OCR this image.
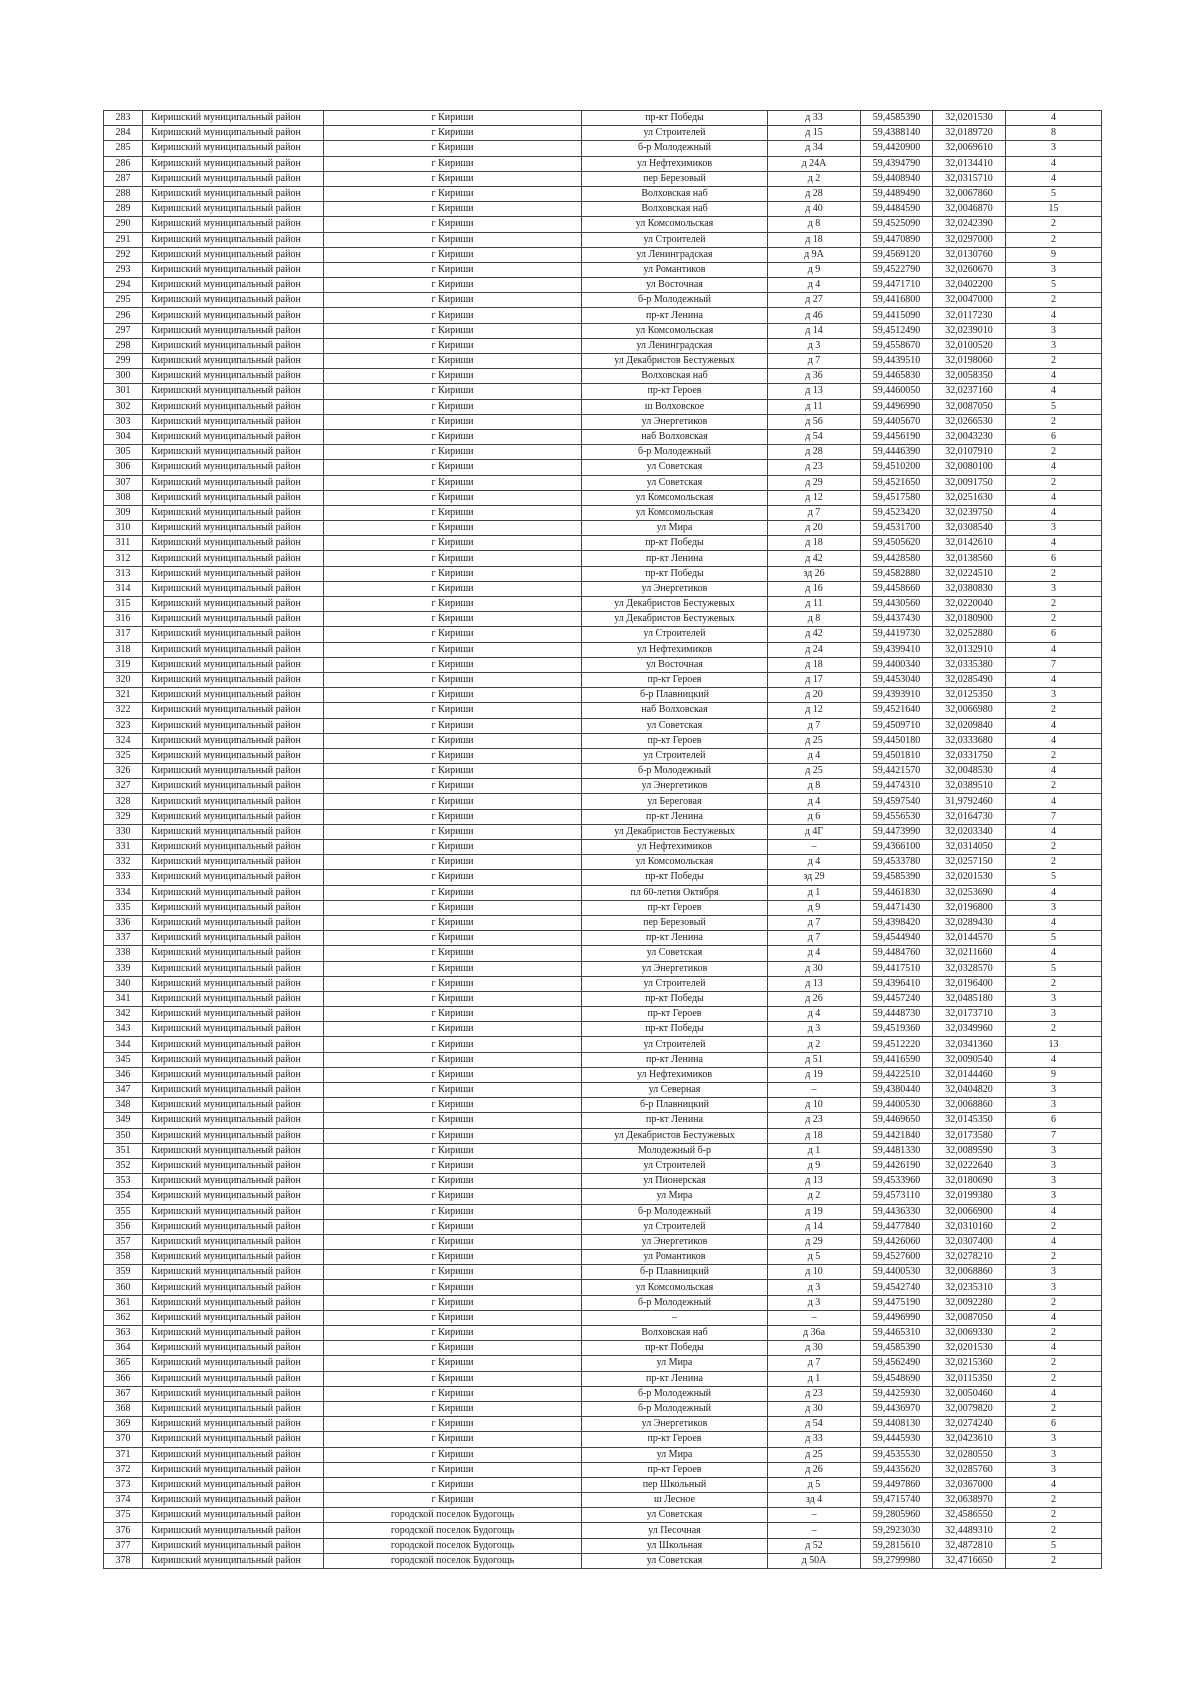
283	Киришский муниципальный район	г Кириши	пр-кт Победы	д 33	59,4585390	32,0201530	4
284	Киришский муниципальный район	г Кириши	ул Строителей	д 15	59,4388140	32,0189720	8
285	Киришский муниципальный район	г Кириши	б-р Молодежный	д 34	59,4420900	32,0069610	3
286	Киришский муниципальный район	г Кириши	ул Нефтехимиков	д 24А	59,4394790	32,0134410	4
287	Киришский муниципальный район	г Кириши	пер Березовый	д 2	59,4408940	32,0315710	4
288	Киришский муниципальный район	г Кириши	Волховская наб	д 28	59,4489490	32,0067860	5
289	Киришский муниципальный район	г Кириши	Волховская наб	д 40	59,4484590	32,0046870	15
290	Киришский муниципальный район	г Кириши	ул Комсомольская	д 8	59,4525090	32,0242390	2
291	Киришский муниципальный район	г Кириши	ул Строителей	д 18	59,4470890	32,0297000	2
292	Киришский муниципальный район	г Кириши	ул Ленинградская	д 9А	59,4569120	32,0130760	9
293	Киришский муниципальный район	г Кириши	ул Романтиков	д 9	59,4522790	32,0260670	3
294	Киришский муниципальный район	г Кириши	ул Восточная	д 4	59,4471710	32,0402200	5
295	Киришский муниципальный район	г Кириши	б-р Молодежный	д 27	59,4416800	32,0047000	2
296	Киришский муниципальный район	г Кириши	пр-кт Ленина	д 46	59,4415090	32,0117230	4
297	Киришский муниципальный район	г Кириши	ул Комсомольская	д 14	59,4512490	32,0239010	3
298	Киришский муниципальный район	г Кириши	ул Ленинградская	д 3	59,4558670	32,0100520	3
299	Киришский муниципальный район	г Кириши	ул Декабристов Бестужевых	д 7	59,4439510	32,0198060	2
300	Киришский муниципальный район	г Кириши	Волховская наб	д 36	59,4465830	32,0058350	4
301	Киришский муниципальный район	г Кириши	пр-кт Героев	д 13	59,4460050	32,0237160	4
302	Киришский муниципальный район	г Кириши	ш Волховское	д 11	59,4496990	32,0087050	5
303	Киришский муниципальный район	г Кириши	ул Энергетиков	д 56	59,4405670	32,0266530	2
304	Киришский муниципальный район	г Кириши	наб Волховская	д 54	59,4456190	32,0043230	6
305	Киришский муниципальный район	г Кириши	б-р Молодежный	д 28	59,4446390	32,0107910	2
306	Киришский муниципальный район	г Кириши	ул Советская	д 23	59,4510200	32,0080100	4
307	Киришский муниципальный район	г Кириши	ул Советская	д 29	59,4521650	32,0091750	2
308	Киришский муниципальный район	г Кириши	ул Комсомольская	д 12	59,4517580	32,0251630	4
309	Киришский муниципальный район	г Кириши	ул Комсомольская	д 7	59,4523420	32,0239750	4
310	Киришский муниципальный район	г Кириши	ул Мира	д 20	59,4531700	32,0308540	3
311	Киришский муниципальный район	г Кириши	пр-кт Победы	д 18	59,4505620	32,0142610	4
312	Киришский муниципальный район	г Кириши	пр-кт Ленина	д 42	59,4428580	32,0138560	6
313	Киришский муниципальный район	г Кириши	пр-кт Победы	зд 26	59,4582880	32,0224510	2
314	Киришский муниципальный район	г Кириши	ул Энергетиков	д 16	59,4458660	32,0380830	3
315	Киришский муниципальный район	г Кириши	ул Декабристов Бестужевых	д 11	59,4430560	32,0220040	2
316	Киришский муниципальный район	г Кириши	ул Декабристов Бестужевых	д 8	59,4437430	32,0180900	2
317	Киришский муниципальный район	г Кириши	ул Строителей	д 42	59,4419730	32,0252880	6
318	Киришский муниципальный район	г Кириши	ул Нефтехимиков	д 24	59,4399410	32,0132910	4
319	Киришский муниципальный район	г Кириши	ул Восточная	д 18	59,4400340	32,0335380	7
320	Киришский муниципальный район	г Кириши	пр-кт Героев	д 17	59,4453040	32,0285490	4
321	Киришский муниципальный район	г Кириши	б-р Плавницкий	д 20	59,4393910	32,0125350	3
322	Киришский муниципальный район	г Кириши	наб Волховская	д 12	59,4521640	32,0066980	2
323	Киришский муниципальный район	г Кириши	ул Советская	д 7	59,4509710	32,0209840	4
324	Киришский муниципальный район	г Кириши	пр-кт Героев	д 25	59,4450180	32,0333680	4
325	Киришский муниципальный район	г Кириши	ул Строителей	д 4	59,4501810	32,0331750	2
326	Киришский муниципальный район	г Кириши	б-р Молодежный	д 25	59,4421570	32,0048530	4
327	Киришский муниципальный район	г Кириши	ул Энергетиков	д 8	59,4474310	32,0389510	2
328	Киришский муниципальный район	г Кириши	ул Береговая	д 4	59,4597540	31,9792460	4
329	Киришский муниципальный район	г Кириши	пр-кт Ленина	д 6	59,4556530	32,0164730	7
330	Киришский муниципальный район	г Кириши	ул Декабристов Бестужевых	д 4Г	59,4473990	32,0203340	4
331	Киришский муниципальный район	г Кириши	ул Нефтехимиков	–	59,4366100	32,0314050	2
332	Киришский муниципальный район	г Кириши	ул Комсомольская	д 4	59,4533780	32,0257150	2
333	Киришский муниципальный район	г Кириши	пр-кт Победы	зд 29	59,4585390	32,0201530	5
334	Киришский муниципальный район	г Кириши	пл 60-летия Октября	д 1	59,4461830	32,0253690	4
335	Киришский муниципальный район	г Кириши	пр-кт Героев	д 9	59,4471430	32,0196800	3
336	Киришский муниципальный район	г Кириши	пер Березовый	д 7	59,4398420	32,0289430	4
337	Киришский муниципальный район	г Кириши	пр-кт Ленина	д 7	59,4544940	32,0144570	5
338	Киришский муниципальный район	г Кириши	ул Советская	д 4	59,4484760	32,0211660	4
339	Киришский муниципальный район	г Кириши	ул Энергетиков	д 30	59,4417510	32,0328570	5
340	Киришский муниципальный район	г Кириши	ул Строителей	д 13	59,4396410	32,0196400	2
341	Киришский муниципальный район	г Кириши	пр-кт Победы	д 26	59,4457240	32,0485180	3
342	Киришский муниципальный район	г Кириши	пр-кт Героев	д 4	59,4448730	32,0173710	3
343	Киришский муниципальный район	г Кириши	пр-кт Победы	д 3	59,4519360	32,0349960	2
344	Киришский муниципальный район	г Кириши	ул Строителей	д 2	59,4512220	32,0341360	13
345	Киришский муниципальный район	г Кириши	пр-кт Ленина	д 51	59,4416590	32,0090540	4
346	Киришский муниципальный район	г Кириши	ул Нефтехимиков	д 19	59,4422510	32,0144460	9
347	Киришский муниципальный район	г Кириши	ул Северная	–	59,4380440	32,0404820	3
348	Киришский муниципальный район	г Кириши	б-р Плавницкий	д 10	59,4400530	32,0068860	3
349	Киришский муниципальный район	г Кириши	пр-кт Ленина	д 23	59,4469650	32,0145350	6
350	Киришский муниципальный район	г Кириши	ул Декабристов Бестужевых	д 18	59,4421840	32,0173580	7
351	Киришский муниципальный район	г Кириши	Молодежный б-р	д 1	59,4481330	32,0089590	3
352	Киришский муниципальный район	г Кириши	ул Строителей	д 9	59,4426190	32,0222640	3
353	Киришский муниципальный район	г Кириши	ул Пионерская	д 13	59,4533960	32,0180690	3
354	Киришский муниципальный район	г Кириши	ул Мира	д 2	59,4573110	32,0199380	3
355	Киришский муниципальный район	г Кириши	б-р Молодежный	д 19	59,4436330	32,0066900	4
356	Киришский муниципальный район	г Кириши	ул Строителей	д 14	59,4477840	32,0310160	2
357	Киришский муниципальный район	г Кириши	ул Энергетиков	д 29	59,4426060	32,0307400	4
358	Киришский муниципальный район	г Кириши	ул Романтиков	д 5	59,4527600	32,0278210	2
359	Киришский муниципальный район	г Кириши	б-р Плавницкий	д 10	59,4400530	32,0068860	3
360	Киришский муниципальный район	г Кириши	ул Комсомольская	д 3	59,4542740	32,0235310	3
361	Киришский муниципальный район	г Кириши	б-р Молодежный	д 3	59,4475190	32,0092280	2
362	Киришский муниципальный район	г Кириши	–	–	59,4496990	32,0087050	4
363	Киришский муниципальный район	г Кириши	Волховская наб	д 36а	59,4465310	32,0069330	2
364	Киришский муниципальный район	г Кириши	пр-кт Победы	д 30	59,4585390	32,0201530	4
365	Киришский муниципальный район	г Кириши	ул Мира	д 7	59,4562490	32,0215360	2
366	Киришский муниципальный район	г Кириши	пр-кт Ленина	д 1	59,4548690	32,0115350	2
367	Киришский муниципальный район	г Кириши	б-р Молодежный	д 23	59,4425930	32,0050460	4
368	Киришский муниципальный район	г Кириши	б-р Молодежный	д 30	59,4436970	32,0079820	2
369	Киришский муниципальный район	г Кириши	ул Энергетиков	д 54	59,4408130	32,0274240	6
370	Киришский муниципальный район	г Кириши	пр-кт Героев	д 33	59,4445930	32,0423610	3
371	Киришский муниципальный район	г Кириши	ул Мира	д 25	59,4535530	32,0280550	3
372	Киришский муниципальный район	г Кириши	пр-кт Героев	д 26	59,4435620	32,0285760	3
373	Киришский муниципальный район	г Кириши	пер Школьный	д 5	59,4497860	32,0367000	4
374	Киришский муниципальный район	г Кириши	ш Лесное	зд 4	59,4715740	32,0638970	2
375	Киришский муниципальный район	городской поселок Будогощь	ул Советская	–	59,2805960	32,4586550	2
376	Киришский муниципальный район	городской поселок Будогощь	ул Песочная	–	59,2923030	32,4489310	2
377	Киришский муниципальный район	городской поселок Будогощь	ул Школьная	д 52	59,2815610	32,4872810	5
378	Киришский муниципальный район	городской поселок Будогощь	ул Советская	д 50А	59,2799980	32,4716650	2
